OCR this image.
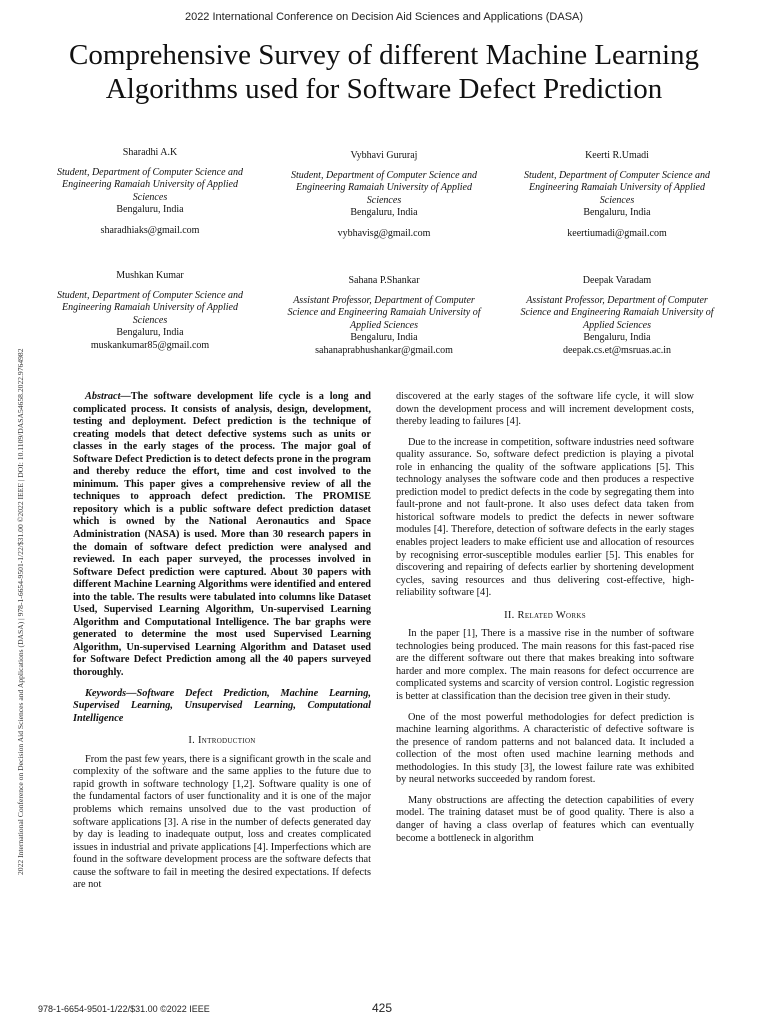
2022 International Conference on Decision Aid Sciences and Applications (DASA)
Comprehensive Survey of different Machine Learning Algorithms used for Software Defect Prediction
2022 International Conference on Decision Aid Sciences and Applications (DASA) | 978-1-6654-9501-1/22/$31.00 ©2022 IEEE | DOI: 10.1109/DASA54658.2022.9764982
Sharadhi A.K
Student, Department of Computer Science and Engineering Ramaiah University of Applied Sciences
Bengaluru, India
sharadhiaks@gmail.com
Vybhavi Gururaj
Student, Department of Computer Science and Engineering Ramaiah University of Applied Sciences
Bengaluru, India
vybhavisg@gmail.com
Keerti R.Umadi
Student, Department of Computer Science and Engineering Ramaiah University of Applied Sciences
Bengaluru, India
keertiumadi@gmail.com
Mushkan Kumar
Student, Department of Computer Science and Engineering Ramaiah University of Applied Sciences
Bengaluru, India
muskankumar85@gmail.com
Sahana P.Shankar
Assistant Professor, Department of Computer Science and Engineering Ramaiah University of Applied Sciences
Bengaluru, India
sahanaprabhushankar@gmail.com
Deepak Varadam
Assistant Professor, Department of Computer Science and Engineering Ramaiah University of Applied Sciences
Bengaluru, India
deepak.cs.et@msruas.ac.in

Abstract—The software development life cycle is a long and complicated process. It consists of analysis, design, development, testing and deployment. Defect prediction is the technique of creating models that detect defective systems such as units or classes in the early stages of the process. The major goal of Software Defect Prediction is to detect defects prone in the program and thereby reduce the effort, time and cost involved to the minimum. This paper gives a comprehensive review of all the techniques to approach defect prediction. The PROMISE repository which is a public software defect prediction dataset which is owned by the National Aeronautics and Space Administration (NASA) is used. More than 30 research papers in the domain of software defect prediction were analysed and reviewed. In each paper surveyed, the processes involved in Software Defect prediction were captured. About 30 papers with different Machine Learning Algorithms were identified and entered into the table. The results were tabulated into columns like Dataset Used, Supervised Learning Algorithm, Un-supervised Learning Algorithm and Computational Intelligence. The bar graphs were generated to determine the most used Supervised Learning Algorithm, Un-supervised Learning Algorithm and Dataset used for Software Defect Prediction among all the 40 papers surveyed thoroughly.

Keywords—Software Defect Prediction, Machine Learning, Supervised Learning, Unsupervised Learning, Computational Intelligence

I. Introduction

From the past few years, there is a significant growth in the scale and complexity of the software and the same applies to the future due to rapid growth in software technology [1,2]. Software quality is one of the fundamental factors of user functionality and it is one of the major problems which remains unsolved due to the vast production of software applications [3]. A rise in the number of defects generated day by day is leading to inadequate output, loss and creates complicated issues in industrial and private applications [4]. Imperfections which are found in the software development process are the software defects that cause the software to fail in meeting the desired expectations. If defects are not

discovered at the early stages of the software life cycle, it will slow down the development process and will increment development costs, thereby leading to failures [4].

Due to the increase in competition, software industries need software quality assurance. So, software defect prediction is playing a pivotal role in enhancing the quality of the software applications [5]. This technology analyses the software code and then produces a respective prediction model to predict defects in the code by segregating them into fault-prone and not fault-prone. It also uses defect data taken from historical software models to predict the defects in newer software modules [4]. Therefore, detection of software defects in the early stages enables project leaders to make efficient use and allocation of resources by recognising error-susceptible modules earlier [5]. This enables for discovering and repairing of defects earlier by shortening development cycles, saving resources and thus delivering cost-effective, high-reliability software [4].

II. Related Works

In the paper [1], There is a massive rise in the number of software technologies being produced. The main reasons for this fast-paced rise are the different software out there that makes breaking into software harder and more complex. The main reasons for defect occurrence are complicated systems and scarcity of version control. Logistic regression is better at classification than the decision tree given in their study.

One of the most powerful methodologies for defect prediction is machine learning algorithms. A characteristic of defective software is the presence of random patterns and not balanced data. It included a collection of the most often used machine learning methods and methodologies. In this study [3], the lowest failure rate was exhibited by neural networks succeeded by random forest.

Many obstructions are affecting the detection capabilities of every model. The training dataset must be of good quality. There is also a danger of having a class overlap of features which can eventually become a bottleneck in algorithm

978-1-6654-9501-1/22/$31.00 ©2022 IEEE	425
